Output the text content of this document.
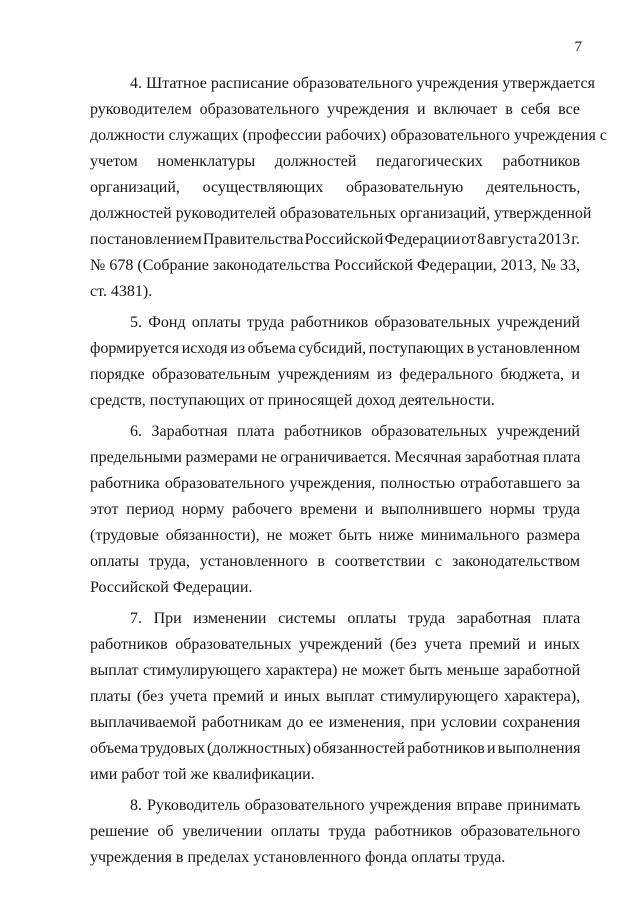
7
4. Штатное расписание образовательного учреждения утверждается
руководителем образовательного учреждения и включает в себя все
должности служащих (профессии рабочих) образовательного учреждения с
учетом номенклатуры должностей педагогических работников
организаций, осуществляющих образовательную деятельность,
должностей руководителей образовательных организаций, утвержденной
постановлением Правительства Российской Федерации от 8 августа 2013 г.
№ 678 (Собрание законодательства Российской Федерации, 2013, № 33,
ст. 4381).
5. Фонд оплаты труда работников образовательных учреждений
формируется исходя из объема субсидий, поступающих в установленном
порядке образовательным учреждениям из федерального бюджета, и
средств, поступающих от приносящей доход деятельности.
6. Заработная плата работников образовательных учреждений
предельными размерами не ограничивается. Месячная заработная плата
работника образовательного учреждения, полностью отработавшего за
этот период норму рабочего времени и выполнившего нормы труда
(трудовые обязанности), не может быть ниже минимального размера
оплаты труда, установленного в соответствии с законодательством
Российской Федерации.
7. При изменении системы оплаты труда заработная плата
работников образовательных учреждений (без учета премий и иных
выплат стимулирующего характера) не может быть меньше заработной
платы (без учета премий и иных выплат стимулирующего характера),
выплачиваемой работникам до ее изменения, при условии сохранения
объема трудовых (должностных) обязанностей работников и выполнения
ими работ той же квалификации.
8. Руководитель образовательного учреждения вправе принимать
решение об увеличении оплаты труда работников образовательного
учреждения в пределах установленного фонда оплаты труда.
